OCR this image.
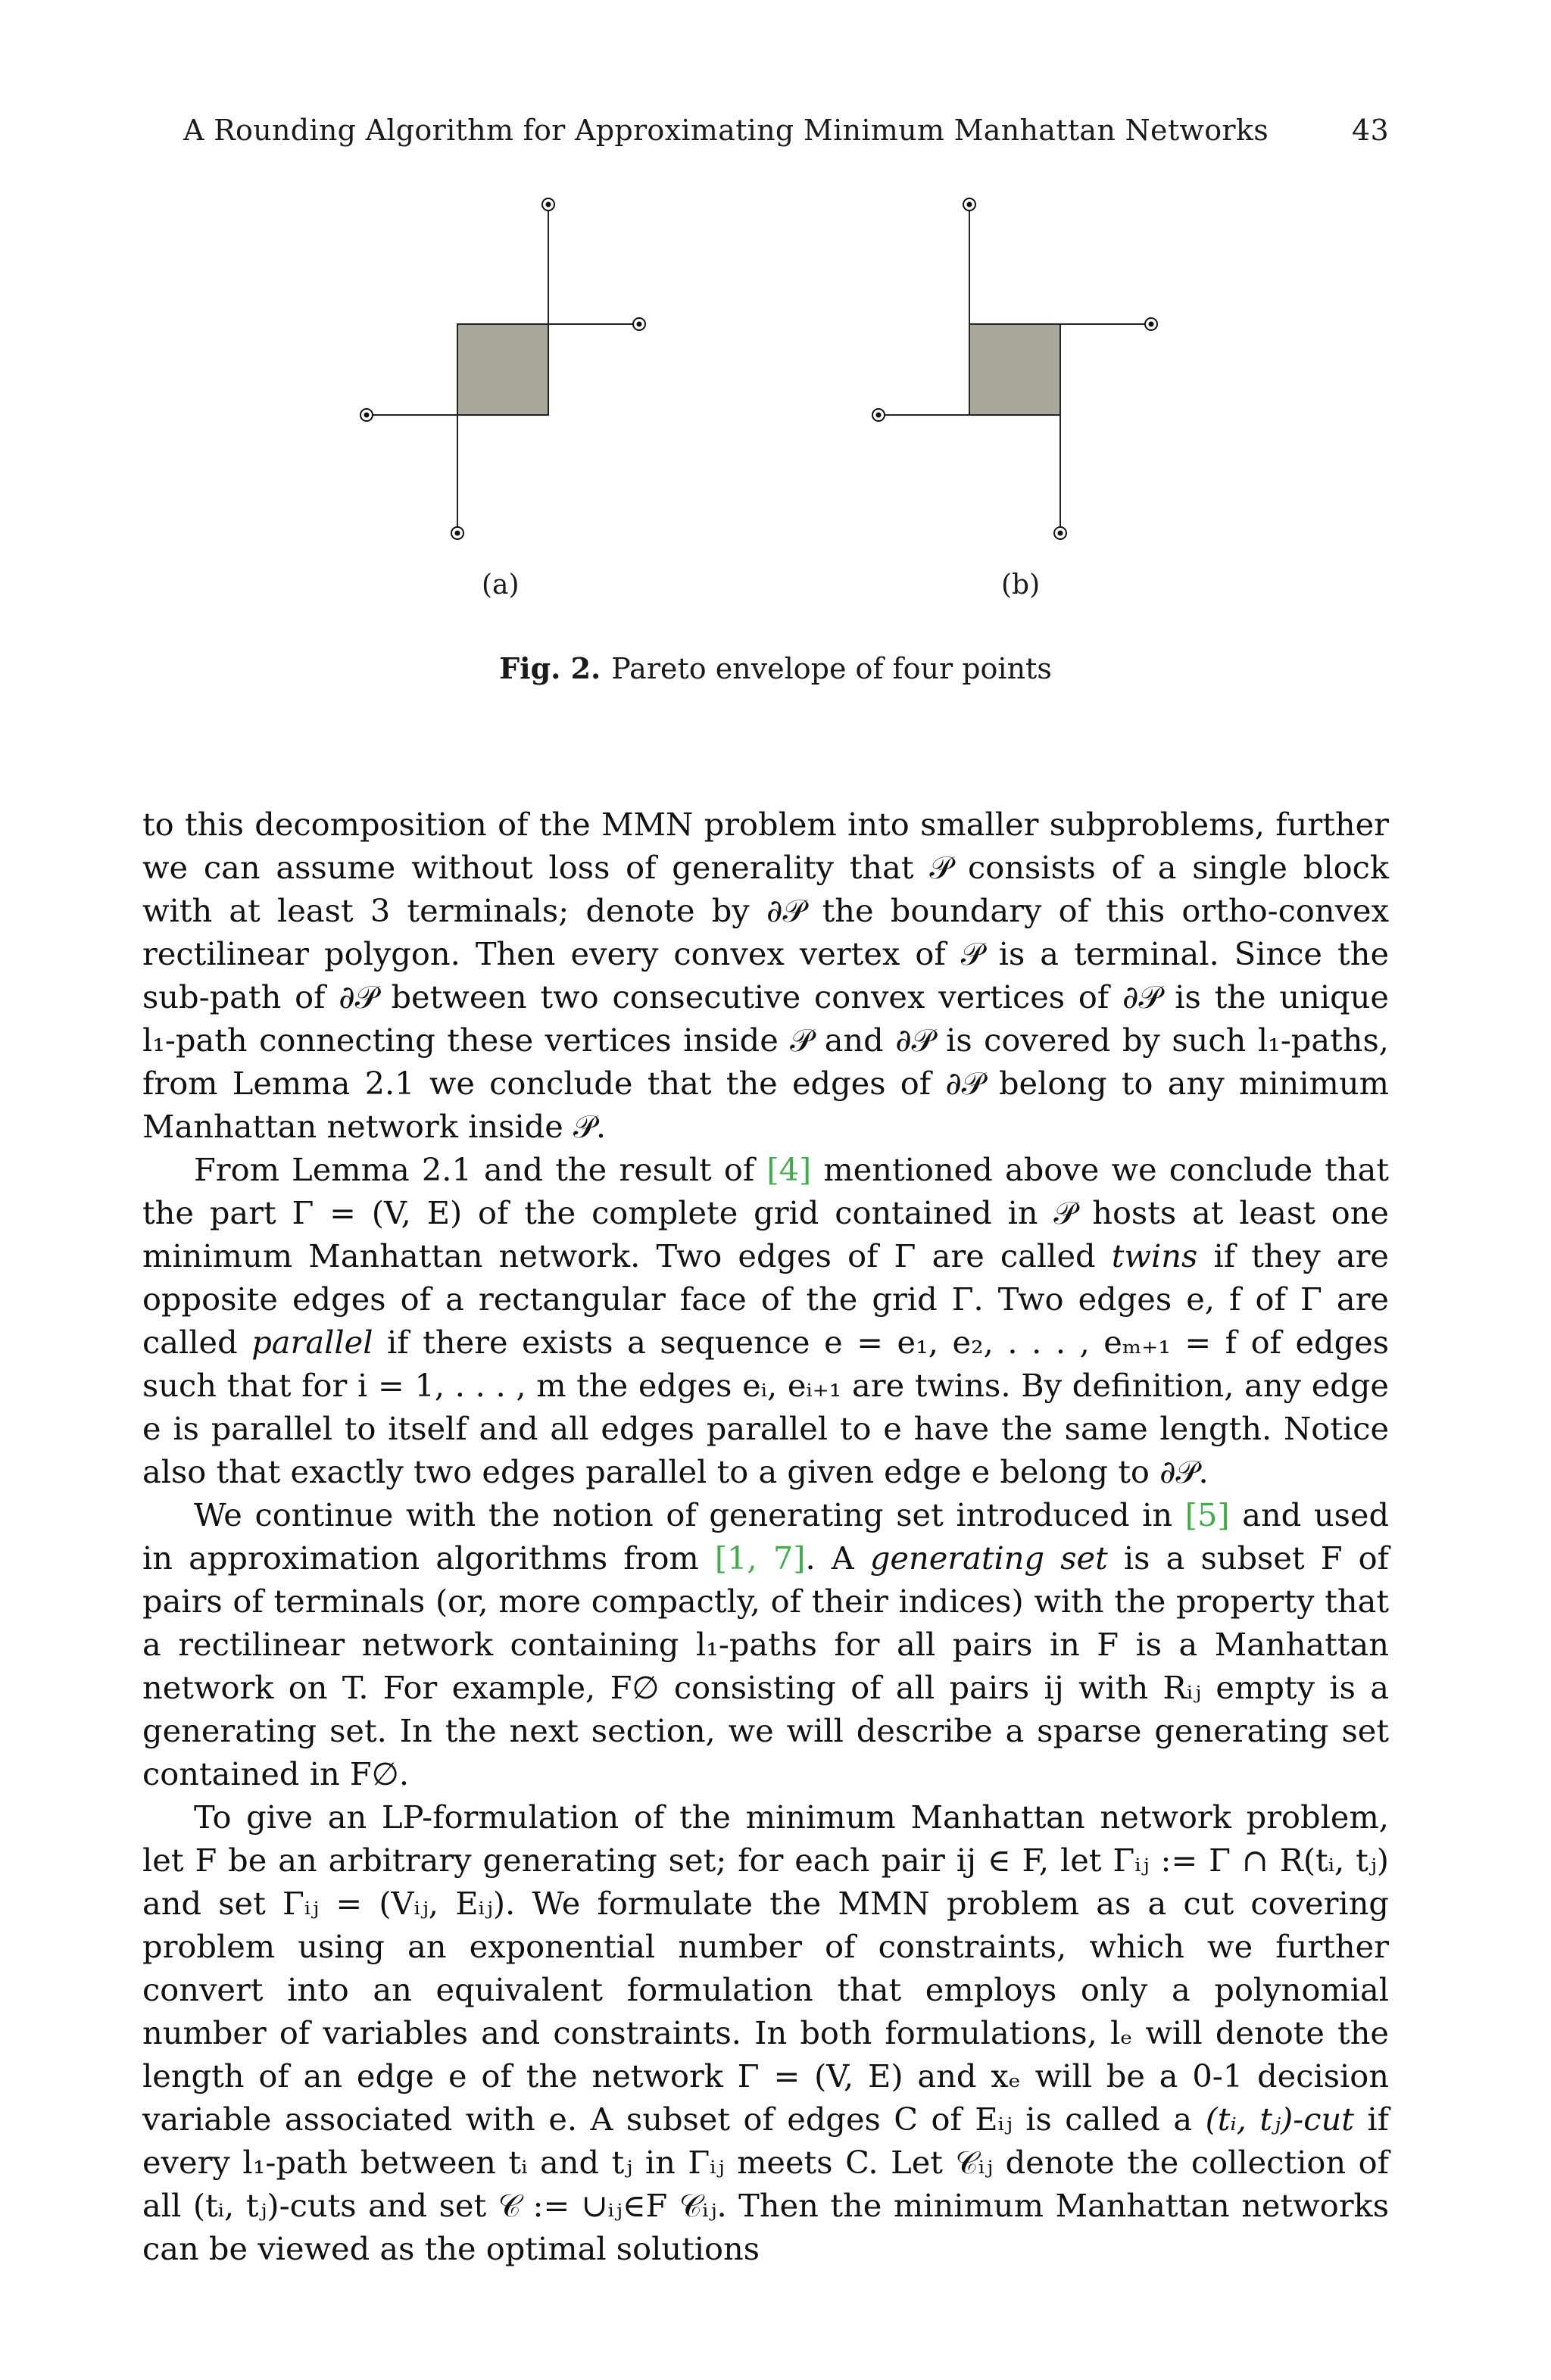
A Rounding Algorithm for Approximating Minimum Manhattan Networks	43
(a)	(b)
Fig. 2. Pareto envelope of four points

to this decomposition of the MMN problem into smaller subproblems, further we can assume without loss of generality that 𝒫 consists of a single block with at least 3 terminals; denote by ∂𝒫 the boundary of this ortho-convex rectilinear polygon. Then every convex vertex of 𝒫 is a terminal. Since the sub-path of ∂𝒫 between two consecutive convex vertices of ∂𝒫 is the unique l₁-path connecting these vertices inside 𝒫 and ∂𝒫 is covered by such l₁-paths, from Lemma 2.1 we conclude that the edges of ∂𝒫 belong to any minimum Manhattan network inside 𝒫.

From Lemma 2.1 and the result of [4] mentioned above we conclude that the part Γ = (V, E) of the complete grid contained in 𝒫 hosts at least one minimum Manhattan network. Two edges of Γ are called twins if they are opposite edges of a rectangular face of the grid Γ. Two edges e, f of Γ are called parallel if there exists a sequence e = e₁, e₂, . . . , eₘ₊₁ = f of edges such that for i = 1, . . . , m the edges eᵢ, eᵢ₊₁ are twins. By definition, any edge e is parallel to itself and all edges parallel to e have the same length. Notice also that exactly two edges parallel to a given edge e belong to ∂𝒫.

We continue with the notion of generating set introduced in [5] and used in approximation algorithms from [1, 7]. A generating set is a subset F of pairs of terminals (or, more compactly, of their indices) with the property that a rectilinear network containing l₁-paths for all pairs in F is a Manhattan network on T. For example, F∅ consisting of all pairs ij with Rᵢⱼ empty is a generating set. In the next section, we will describe a sparse generating set contained in F∅.

To give an LP-formulation of the minimum Manhattan network problem, let F be an arbitrary generating set; for each pair ij ∈ F, let Γᵢⱼ := Γ ∩ R(tᵢ, tⱼ) and set Γᵢⱼ = (Vᵢⱼ, Eᵢⱼ). We formulate the MMN problem as a cut covering problem using an exponential number of constraints, which we further convert into an equivalent formulation that employs only a polynomial number of variables and constraints. In both formulations, lₑ will denote the length of an edge e of the network Γ = (V, E) and xₑ will be a 0-1 decision variable associated with e. A subset of edges C of Eᵢⱼ is called a (tᵢ, tⱼ)-cut if every l₁-path between tᵢ and tⱼ in Γᵢⱼ meets C. Let 𝒞ᵢⱼ denote the collection of all (tᵢ, tⱼ)-cuts and set 𝒞 := ∪ᵢⱼ∈F 𝒞ᵢⱼ. Then the minimum Manhattan networks can be viewed as the optimal solutions
